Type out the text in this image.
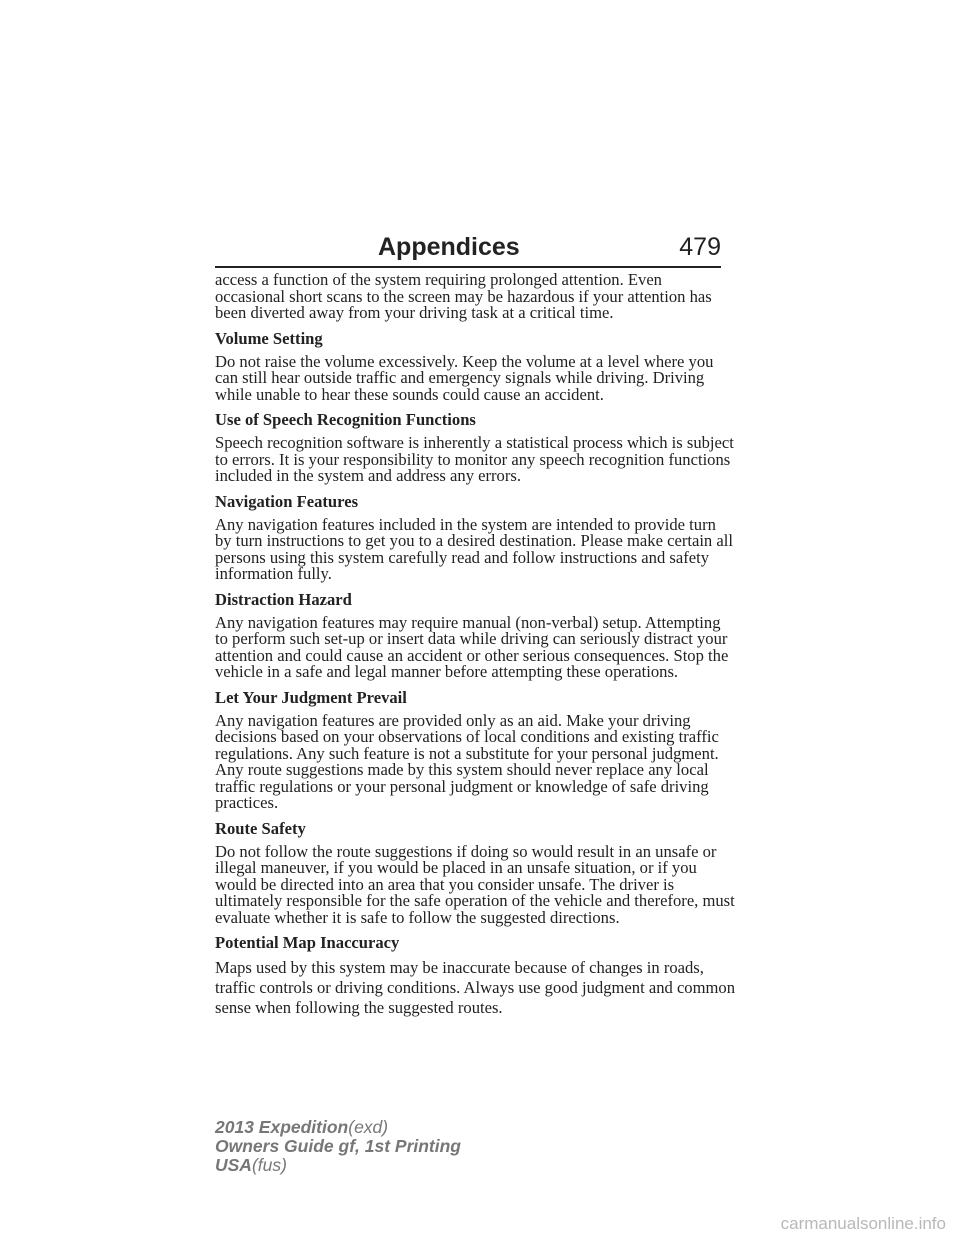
Appendices	479

access a function of the system requiring prolonged attention. Even occasional short scans to the screen may be hazardous if your attention has been diverted away from your driving task at a critical time.

Volume Setting

Do not raise the volume excessively. Keep the volume at a level where you can still hear outside traffic and emergency signals while driving. Driving while unable to hear these sounds could cause an accident.

Use of Speech Recognition Functions

Speech recognition software is inherently a statistical process which is subject to errors. It is your responsibility to monitor any speech recognition functions included in the system and address any errors.

Navigation Features

Any navigation features included in the system are intended to provide turn by turn instructions to get you to a desired destination. Please make certain all persons using this system carefully read and follow instructions and safety information fully.

Distraction Hazard

Any navigation features may require manual (non-verbal) setup. Attempting to perform such set-up or insert data while driving can seriously distract your attention and could cause an accident or other serious consequences. Stop the vehicle in a safe and legal manner before attempting these operations.

Let Your Judgment Prevail

Any navigation features are provided only as an aid. Make your driving decisions based on your observations of local conditions and existing traffic regulations. Any such feature is not a substitute for your personal judgment. Any route suggestions made by this system should never replace any local traffic regulations or your personal judgment or knowledge of safe driving practices.

Route Safety

Do not follow the route suggestions if doing so would result in an unsafe or illegal maneuver, if you would be placed in an unsafe situation, or if you would be directed into an area that you consider unsafe. The driver is ultimately responsible for the safe operation of the vehicle and therefore, must evaluate whether it is safe to follow the suggested directions.

Potential Map Inaccuracy

Maps used by this system may be inaccurate because of changes in roads, traffic controls or driving conditions. Always use good judgment and common sense when following the suggested routes.

2013 Expedition(exd)
Owners Guide gf, 1st Printing
USA(fus)
carmanualsonline.info
